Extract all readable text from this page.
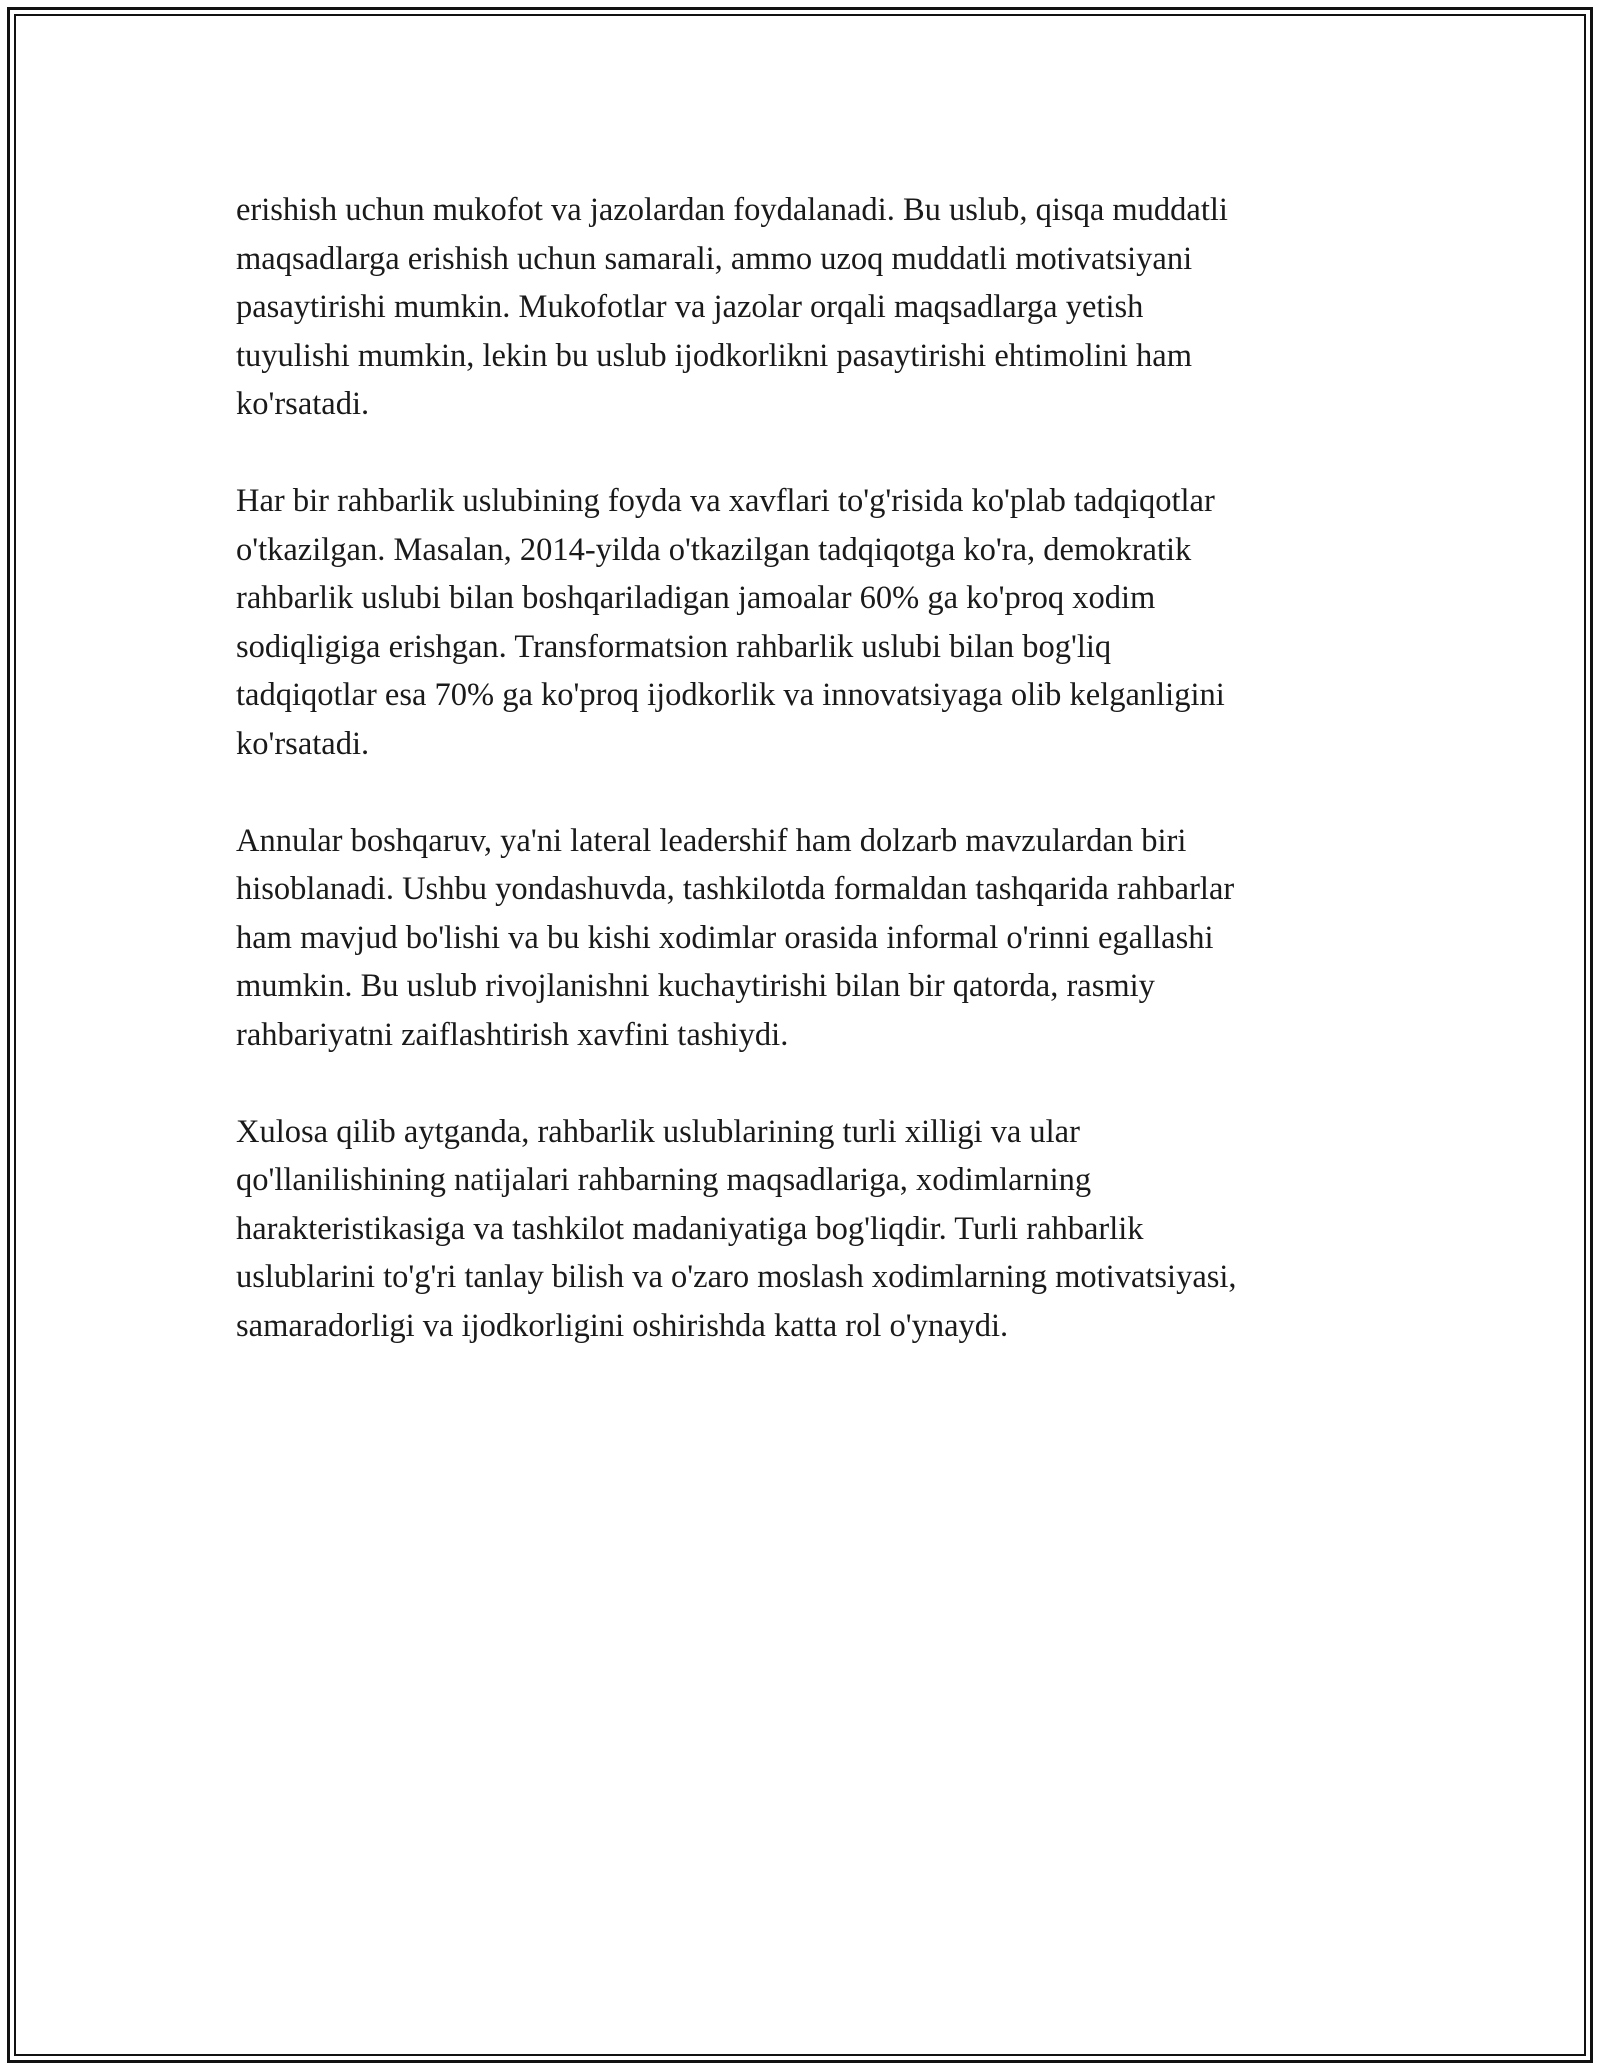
erishish uchun mukofot va jazolardan foydalanadi. Bu uslub, qisqa muddatli
maqsadlarga erishish uchun samarali, ammo uzoq muddatli motivatsiyani
pasaytirishi mumkin. Mukofotlar va jazolar orqali maqsadlarga yetish
tuyulishi mumkin, lekin bu uslub ijodkorlikni pasaytirishi ehtimolini ham
ko'rsatadi.

Har bir rahbarlik uslubining foyda va xavflari to'g'risida ko'plab tadqiqotlar
o'tkazilgan. Masalan, 2014-yilda o'tkazilgan tadqiqotga ko'ra, demokratik
rahbarlik uslubi bilan boshqariladigan jamoalar 60% ga ko'proq xodim
sodiqligiga erishgan. Transformatsion rahbarlik uslubi bilan bog'liq
tadqiqotlar esa 70% ga ko'proq ijodkorlik va innovatsiyaga olib kelganligini
ko'rsatadi.

Annular boshqaruv, ya'ni lateral leadershif ham dolzarb mavzulardan biri
hisoblanadi. Ushbu yondashuvda, tashkilotda formaldan tashqarida rahbarlar
ham mavjud bo'lishi va bu kishi xodimlar orasida informal o'rinni egallashi
mumkin. Bu uslub rivojlanishni kuchaytirishi bilan bir qatorda, rasmiy
rahbariyatni zaiflashtirish xavfini tashiydi.

Xulosa qilib aytganda, rahbarlik uslublarining turli xilligi va ular
qo'llanilishining natijalari rahbarning maqsadlariga, xodimlarning
harakteristikasiga va tashkilot madaniyatiga bog'liqdir. Turli rahbarlik
uslublarini to'g'ri tanlay bilish va o'zaro moslash xodimlarning motivatsiyasi,
samaradorligi va ijodkorligini oshirishda katta rol o'ynaydi.
